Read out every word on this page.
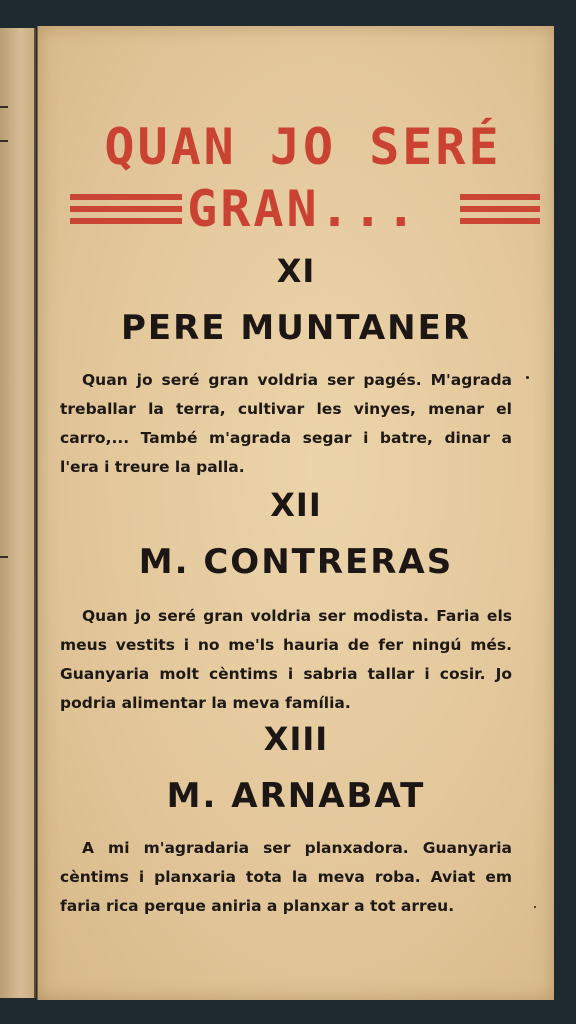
QUAN JO SERÉ
GRAN...
XI
PERE MUNTANER
Quan jo seré gran voldria ser pagés. M'agrada treballar la terra, cultivar les vinyes, menar el carro,... També m'agrada segar i batre, dinar a l'era i treure la palla.
XII
M. CONTRERAS
Quan jo seré gran voldria ser modista. Faria els meus vestits i no me'ls hauria de fer ningú més. Guanyaria molt cèntims i sabria tallar i cosir. Jo podria alimentar la meva família.
XIII
M. ARNABAT
A mi m'agradaria ser planxadora. Guanyaria cèntims i planxaria tota la meva roba. Aviat em faria rica perque aniria a planxar a tot arreu.
